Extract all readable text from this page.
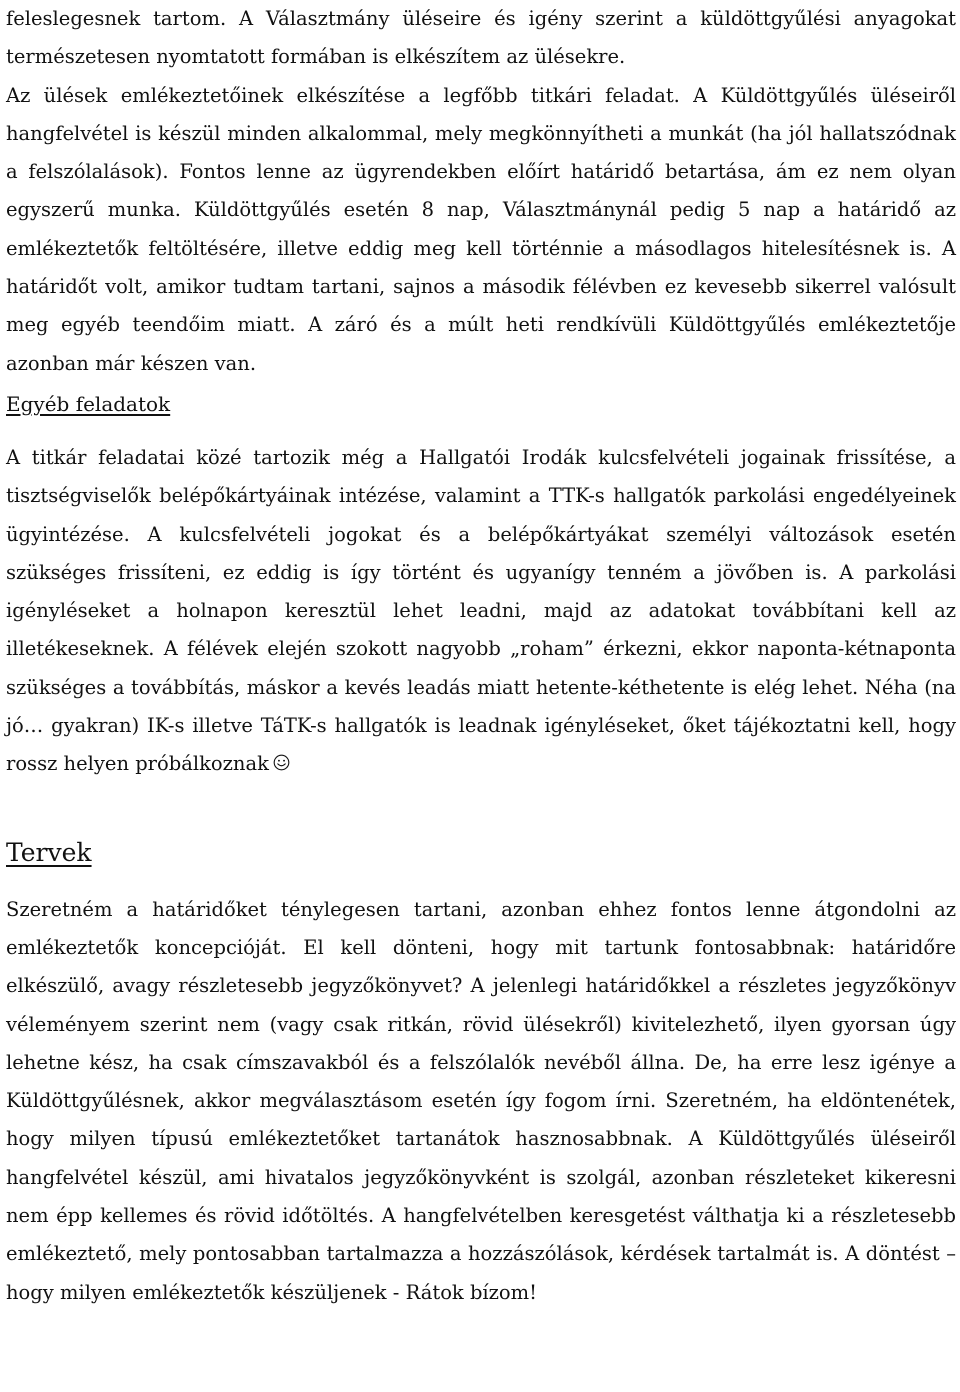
feleslegesnek tartom. A Választmány üléseire és igény szerint a küldöttgyűlési anyagokat természetesen nyomtatott formában is elkészítem az ülésekre.

Az ülések emlékeztetőinek elkészítése a legfőbb titkári feladat. A Küldöttgyűlés üléseiről hangfelvétel is készül minden alkalommal, mely megkönnyítheti a munkát (ha jól hallatszódnak a felszólalások). Fontos lenne az ügyrendekben előírt határidő betartása, ám ez nem olyan egyszerű munka. Küldöttgyűlés esetén 8 nap, Választmánynál pedig 5 nap a határidő az emlékeztetők feltöltésére, illetve eddig meg kell történnie a másodlagos hitelesítésnek is. A határidőt volt, amikor tudtam tartani, sajnos a második félévben ez kevesebb sikerrel valósult meg egyéb teendőim miatt. A záró és a múlt heti rendkívüli Küldöttgyűlés emlékeztetője azonban már készen van.

Egyéb feladatok

A titkár feladatai közé tartozik még a Hallgatói Irodák kulcsfelvételi jogainak frissítése, a tisztségviselők belépőkártyáinak intézése, valamint a TTK-s hallgatók parkolási engedélyeinek ügyintézése. A kulcsfelvételi jogokat és a belépőkártyákat személyi változások esetén szükséges frissíteni, ez eddig is így történt és ugyanígy tenném a jövőben is. A parkolási igényléseket a holnapon keresztül lehet leadni, majd az adatokat továbbítani kell az illetékeseknek. A félévek elején szokott nagyobb „roham” érkezni, ekkor naponta-kétnaponta szükséges a továbbítás, máskor a kevés leadás miatt hetente-kéthetente is elég lehet. Néha (na jó… gyakran) IK-s illetve TáTK-s hallgatók is leadnak igényléseket, őket tájékoztatni kell, hogy rossz helyen próbálkoznak

Tervek

Szeretném a határidőket ténylegesen tartani, azonban ehhez fontos lenne átgondolni az emlékeztetők koncepcióját. El kell dönteni, hogy mit tartunk fontosabbnak: határidőre elkészülő, avagy részletesebb jegyzőkönyvet? A jelenlegi határidőkkel a részletes jegyzőkönyv véleményem szerint nem (vagy csak ritkán, rövid ülésekről) kivitelezhető, ilyen gyorsan úgy lehetne kész, ha csak címszavakból és a felszólalók nevéből állna. De, ha erre lesz igénye a Küldöttgyűlésnek, akkor megválasztásom esetén így fogom írni. Szeretném, ha eldöntenétek, hogy milyen típusú emlékeztetőket tartanátok hasznosabbnak. A Küldöttgyűlés üléseiről hangfelvétel készül, ami hivatalos jegyzőkönyvként is szolgál, azonban részleteket kikeresni nem épp kellemes és rövid időtöltés. A hangfelvételben keresgetést válthatja ki a részletesebb emlékeztető, mely pontosabban tartalmazza a hozzászólások, kérdések tartalmát is. A döntést – hogy milyen emlékeztetők készüljenek - Rátok bízom!
